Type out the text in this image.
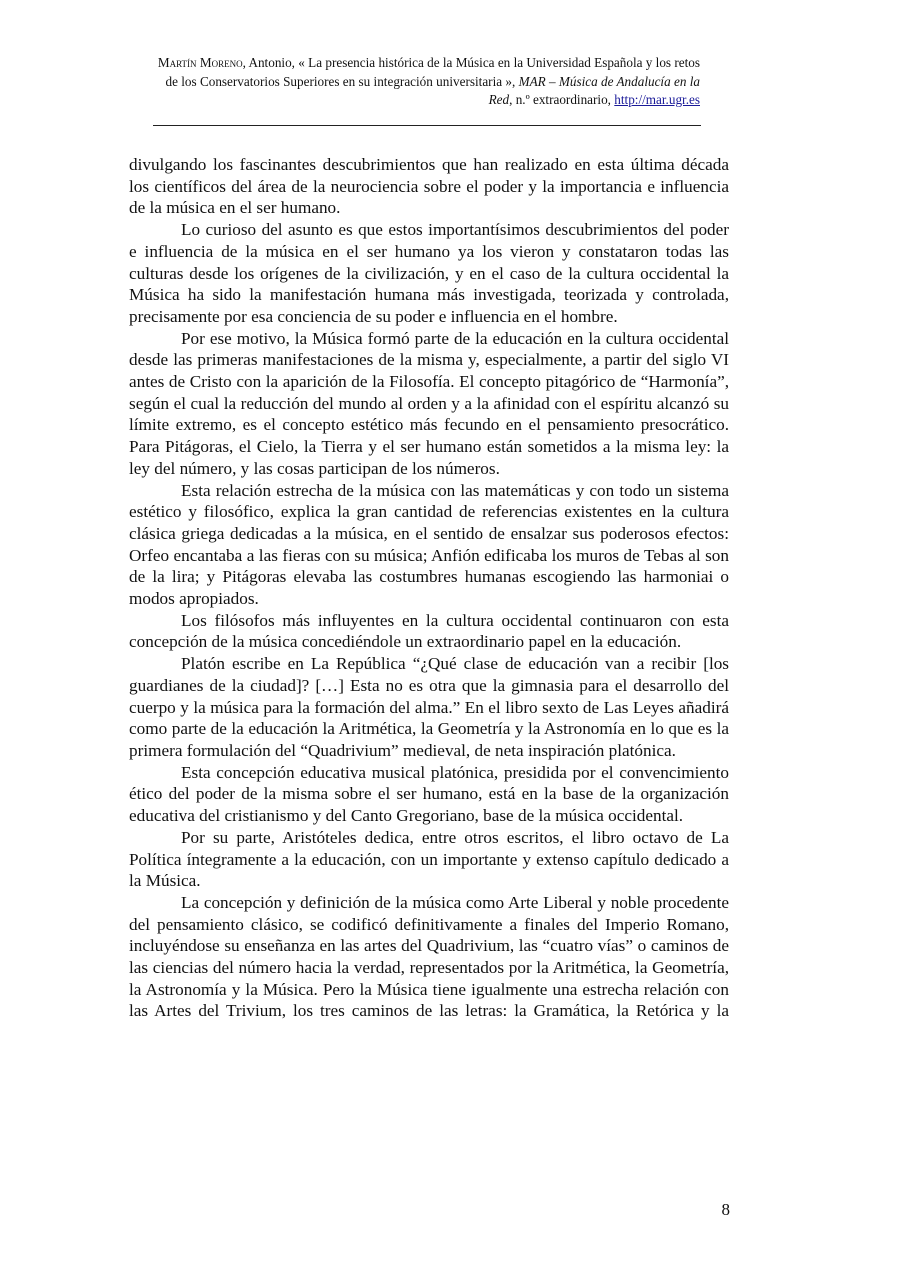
Martín Moreno, Antonio, « La presencia histórica de la Música en la Universidad Española y los retos de los Conservatorios Superiores en su integración universitaria », MAR – Música de Andalucía en la Red, n.º extraordinario, http://mar.ugr.es

divulgando los fascinantes descubrimientos que han realizado en esta última década los científicos del área de la neurociencia sobre el poder y la importancia e influencia de la música en el ser humano.

Lo curioso del asunto es que estos importantísimos descubrimientos del poder e influencia de la música en el ser humano ya los vieron y constataron todas las culturas desde los orígenes de la civilización, y en el caso de la cultura occidental la Música ha sido la manifestación humana más investigada, teorizada y controlada, precisamente por esa conciencia de su poder e influencia en el hombre.

Por ese motivo, la Música formó parte de la educación en la cultura occidental desde las primeras manifestaciones de la misma y, especialmente, a partir del siglo VI antes de Cristo con la aparición de la Filosofía. El concepto pitagórico de “Harmonía”, según el cual la reducción del mundo al orden y a la afinidad con el espíritu alcanzó su límite extremo, es el concepto estético más fecundo en el pensamiento presocrático. Para Pitágoras, el Cielo, la Tierra y el ser humano están sometidos a la misma ley: la ley del número, y las cosas participan de los números.

Esta relación estrecha de la música con las matemáticas y con todo un sistema estético y filosófico, explica la gran cantidad de referencias existentes en la cultura clásica griega dedicadas a la música, en el sentido de ensalzar sus poderosos efectos: Orfeo encantaba a las fieras con su música; Anfión edificaba los muros de Tebas al son de la lira; y Pitágoras elevaba las costumbres humanas escogiendo las harmoniai o modos apropiados.

Los filósofos más influyentes en la cultura occidental continuaron con esta concepción de la música concediéndole un extraordinario papel en la educación.

Platón escribe en La República “¿Qué clase de educación van a recibir [los guardianes de la ciudad]? […] Esta no es otra que la gimnasia para el desarrollo del cuerpo y la música para la formación del alma.” En el libro sexto de Las Leyes añadirá como parte de la educación la Aritmética, la Geometría y la Astronomía en lo que es la primera formulación del “Quadrivium” medieval, de neta inspiración platónica.

Esta concepción educativa musical platónica, presidida por el convencimiento ético del poder de la misma sobre el ser humano, está en la base de la organización educativa del cristianismo y del Canto Gregoriano, base de la música occidental.

Por su parte, Aristóteles dedica, entre otros escritos, el libro octavo de La Política íntegramente a la educación, con un importante y extenso capítulo dedicado a la Música.

La concepción y definición de la música como Arte Liberal y noble procedente del pensamiento clásico, se codificó definitivamente a finales del Imperio Romano, incluyéndose su enseñanza en las artes del Quadrivium, las “cuatro vías” o caminos de las ciencias del número hacia la verdad, representados por la Aritmética, la Geometría, la Astronomía y la Música. Pero la Música tiene igualmente una estrecha relación con las Artes del Trivium, los tres caminos de las letras: la Gramática, la Retórica y la

8
